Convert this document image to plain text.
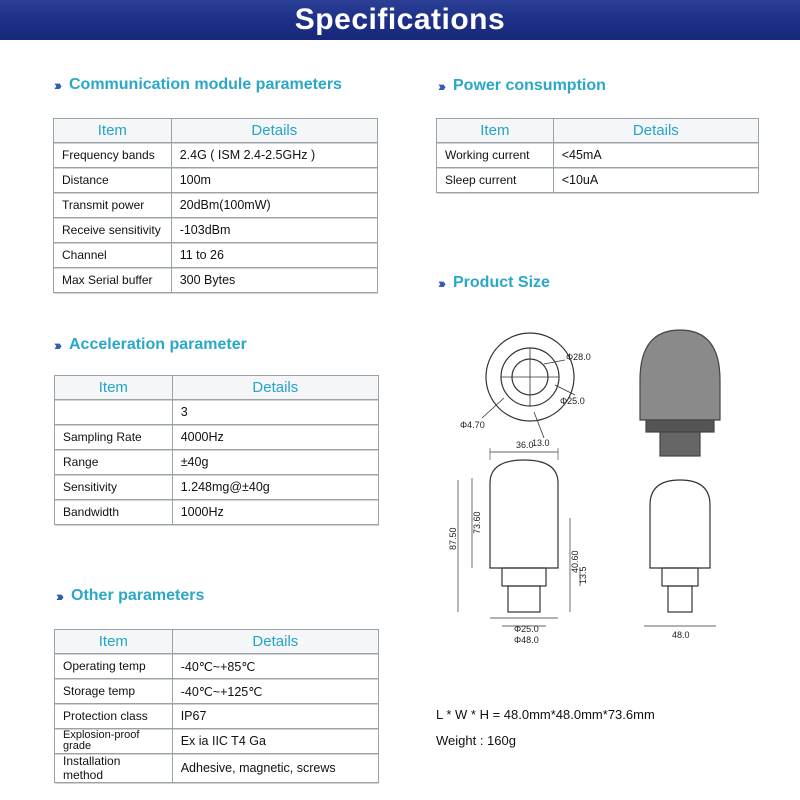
Specifications
››› Communication module parameters
Item	Details
Frequency bands	2.4G ( ISM 2.4-2.5GHz )
Distance	100m
Transmit power	20dBm(100mW)
Receive sensitivity	-103dBm
Channel	11 to 26
Max Serial buffer	300 Bytes
››› Power consumption
Item	Details
Working current	<45mA
Sleep current	<10uA
››› Acceleration parameter
Item	Details
	3
Sampling Rate	4000Hz
Range	±40g
Sensitivity	1.248mg@±40g
Bandwidth	1000Hz
››› Other parameters
Item	Details
Operating temp	-40℃~+85℃
Storage temp	-40℃~+125℃
Protection class	IP67
Explosion-proof grade	Ex ia IIC T4 Ga
Installation method	Adhesive, magnetic, screws
››› Product Size
Φ28.0
Φ25.0
Φ4.70
13.0
36.0
87.50
73.60
40.60
13.5
Φ25.0
Φ48.0	48.0
L * W * H = 48.0mm*48.0mm*73.6mm
Weight : 160g
